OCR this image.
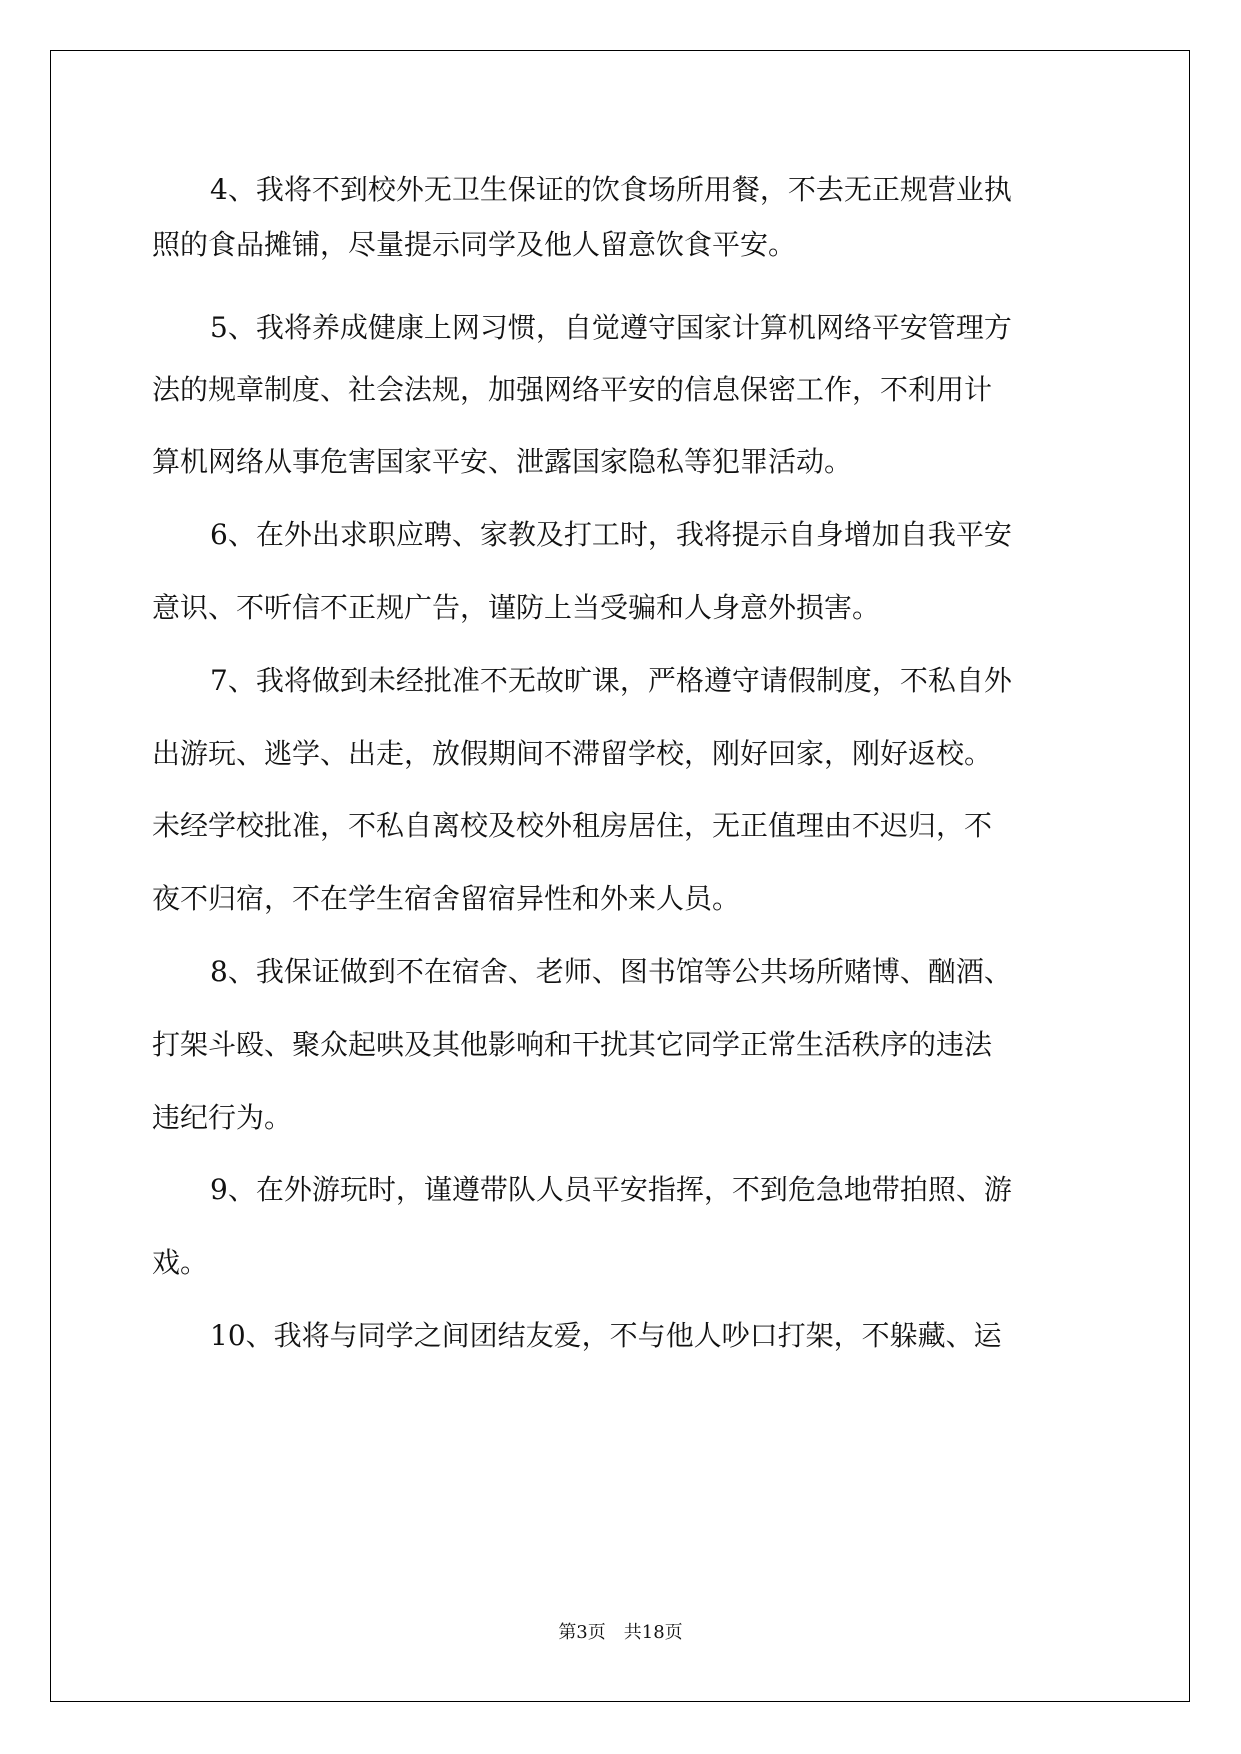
4、我将不到校外无卫生保证的饮食场所用餐，不去无正规营业执

照的食品摊铺，尽量提示同学及他人留意饮食平安。

5、我将养成健康上网习惯，自觉遵守国家计算机网络平安管理方

法的规章制度、社会法规，加强网络平安的信息保密工作，不利用计

算机网络从事危害国家平安、泄露国家隐私等犯罪活动。

6、在外出求职应聘、家教及打工时，我将提示自身增加自我平安

意识、不听信不正规广告，谨防上当受骗和人身意外损害。

7、我将做到未经批准不无故旷课，严格遵守请假制度，不私自外

出游玩、逃学、出走，放假期间不滞留学校，刚好回家，刚好返校。

未经学校批准，不私自离校及校外租房居住，无正值理由不迟归，不

夜不归宿，不在学生宿舍留宿异性和外来人员。

8、我保证做到不在宿舍、老师、图书馆等公共场所赌博、酗酒、

打架斗殴、聚众起哄及其他影响和干扰其它同学正常生活秩序的违法

违纪行为。

9、在外游玩时，谨遵带队人员平安指挥，不到危急地带拍照、游

戏。

10、我将与同学之间团结友爱，不与他人吵口打架，不躲藏、运

第3页 共18页
